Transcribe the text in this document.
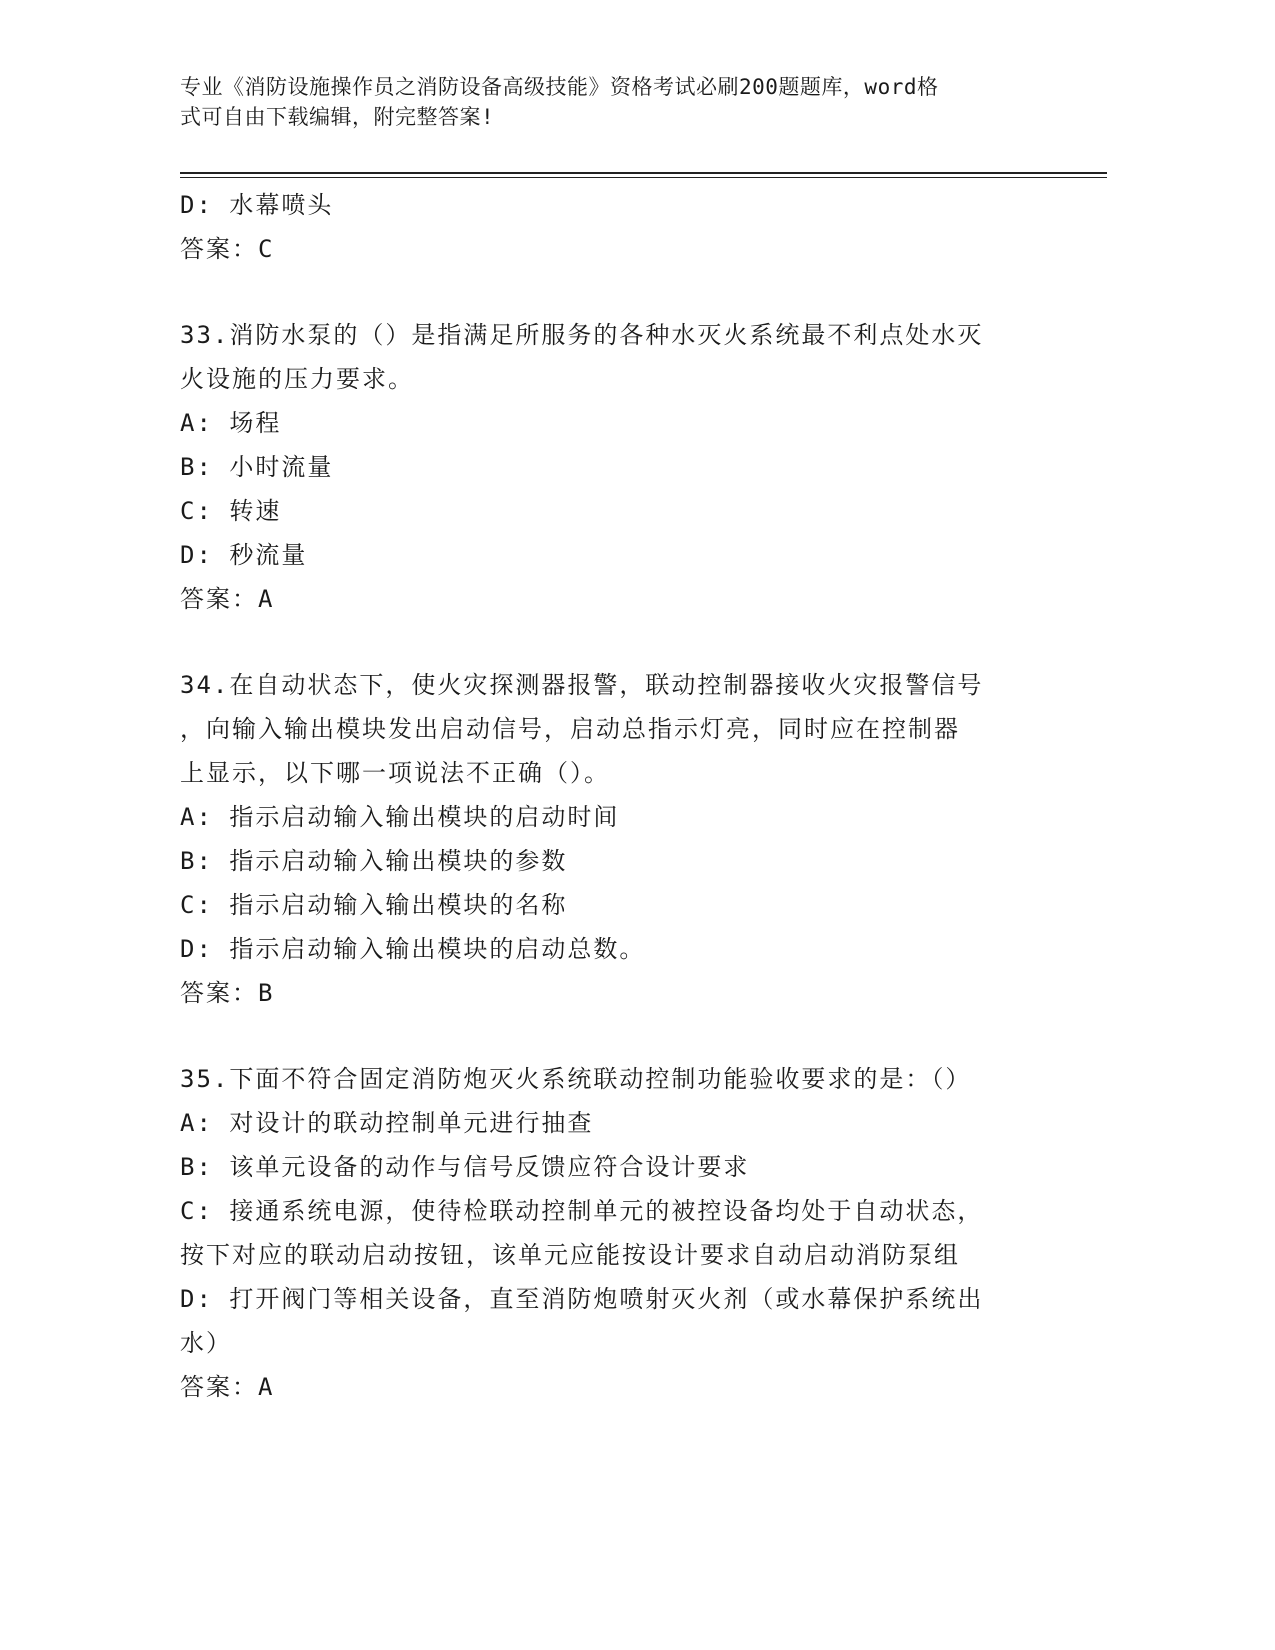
专业《消防设施操作员之消防设备高级技能》资格考试必刷200题题库，word格
式可自由下载编辑，附完整答案!
D: 水幕喷头
答案：C
33.消防水泵的（）是指满足所服务的各种水灭火系统最不利点处水灭
火设施的压力要求。
A: 场程
B: 小时流量
C: 转速
D: 秒流量
答案：A
34.在自动状态下，使火灾探测器报警，联动控制器接收火灾报警信号
，向输入输出模块发出启动信号，启动总指示灯亮，同时应在控制器
上显示，以下哪一项说法不正确（）。
A: 指示启动输入输出模块的启动时间
B: 指示启动输入输出模块的参数
C: 指示启动输入输出模块的名称
D: 指示启动输入输出模块的启动总数。
答案：B
35.下面不符合固定消防炮灭火系统联动控制功能验收要求的是：（）
A: 对设计的联动控制单元进行抽查
B: 该单元设备的动作与信号反馈应符合设计要求
C: 接通系统电源，使待检联动控制单元的被控设备均处于自动状态，
按下对应的联动启动按钮，该单元应能按设计要求自动启动消防泵组
D: 打开阀门等相关设备，直至消防炮喷射灭火剂（或水幕保护系统出
水）
答案：A
